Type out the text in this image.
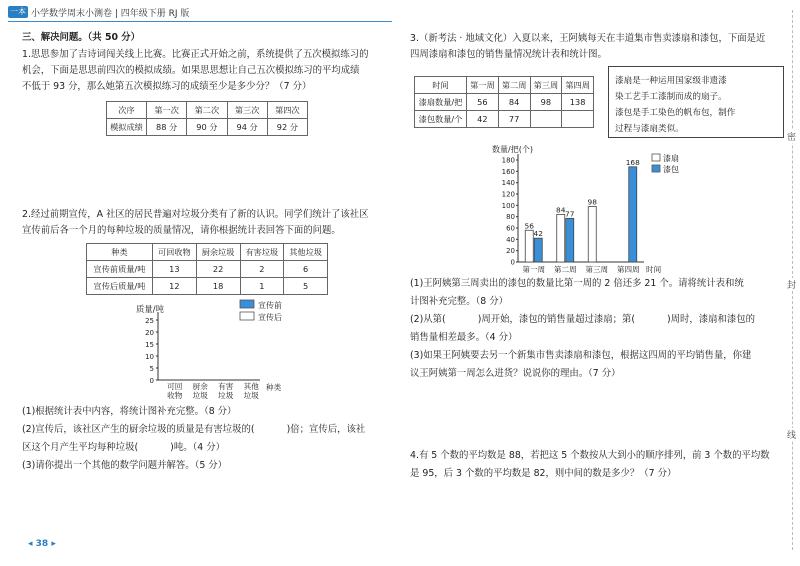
一本 小学数学周末小测卷 | 四年级下册 RJ 版
三、解决问题。（共 50 分）
1.思思参加了吉诗词闯关线上比赛。比赛正式开始之前，系统提供了五次模拟练习的
机会，下面是思思前四次的模拟成绩。如果思思想让自己五次模拟练习的平均成绩
不低于 93 分，那么她第五次模拟练习的成绩至少是多少分？（7 分）
次序	第一次	第二次	第三次	第四次
模拟成绩	88 分	90 分	94 分	92 分
2.经过前期宣传，A 社区的居民普遍对垃圾分类有了新的认识。同学们统计了该社区
宣传前后各一个月的每种垃圾的质量情况，请你根据统计表回答下面的问题。
种类	可回收物	厨余垃圾	有害垃圾	其他垃圾
宣传前质量/吨	13	22	2	6
宣传后质量/吨	12	18	1	5
质量/吨
25
20
15
10
5
0
可回
收物
厨余
垃圾
有害
垃圾
其他
垃圾
种类
宣传前
宣传后
(1)根据统计表中内容，将统计图补充完整。（8 分）
(2)宣传后，该社区产生的厨余垃圾的质量是有害垃圾的(	)倍；宣传后，该社
区这个月产生平均每种垃圾(	)吨。（4 分）
(3)请你提出一个其他的数学问题并解答。（5 分）
3.（新考法 · 地域文化）入夏以来，王阿姨每天在丰道集市售卖漆扇和漆包，下面是近
四周漆扇和漆包的销售量情况统计表和统计图。
时间	第一周	第二周	第三周	第四周
漆扇数量/把	56	84	98	138
漆包数量/个	42	77		
漆扇是一种运用国家级非遗漆
染工艺手工漆制而成的扇子。
漆包是手工染色的帆布包，制作
过程与漆扇类似。
数量/把(个)
180
160
140
120
100
80
60
40
20
0
第一周
56
42
第二周
84 77
第三周
98
第四周
168
时间
漆扇
漆包
(1)王阿姨第三周卖出的漆包的数量比第一周的 2 倍还多 21 个。请将统计表和统
计图补充完整。（8 分）
(2)从第(	)周开始，漆包的销售量超过漆扇；第(	)周时，漆扇和漆包的
销售量相差最多。（4 分）
(3)如果王阿姨要去另一个新集市售卖漆扇和漆包，根据这四周的平均销售量，你建
议王阿姨第一周怎么进货？说说你的理由。（7 分）
4.有 5 个数的平均数是 88，若把这 5 个数按从大到小的顺序排列，前 3 个数的平均数
是 95，后 3 个数的平均数是 82，则中间的数是多少？（7 分）
密
封
线
◂ 38 ▸
